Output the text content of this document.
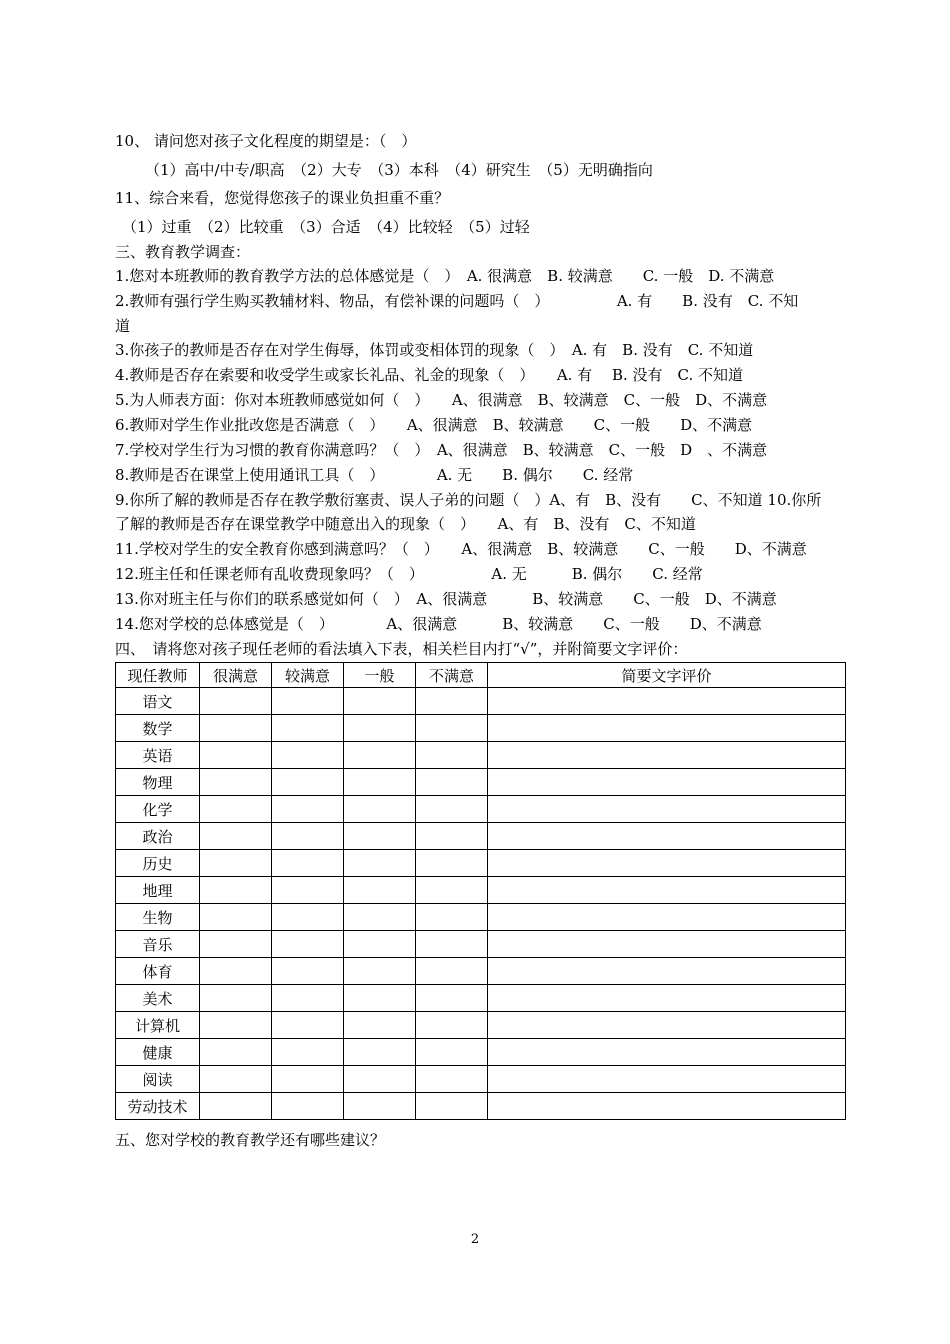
10、 请问您对孩子文化程度的期望是：（　）
（1）高中/中专/职高　（2）大专　（3）本科　（4）研究生　（5）无明确指向
11、综合来看，您觉得您孩子的课业负担重不重？
（1）过重　（2）比较重　（3）合适　（4）比较轻　（5）过轻
三、教育教学调查：
1.您对本班教师的教育教学方法的总体感觉是（　）　A. 很满意　B. 较满意　　C. 一般　D. 不满意
2.教师有强行学生购买教辅材料、物品，有偿补课的问题吗（　）　　　　　A. 有　　B. 没有　C. 不知
道
3.你孩子的教师是否存在对学生侮辱，体罚或变相体罚的现象（　）　A. 有　B. 没有　C. 不知道
4.教师是否存在索要和收受学生或家长礼品、礼金的现象（　）　　A. 有　 B. 没有　C. 不知道
5.为人师表方面：你对本班教师感觉如何（　）　　A、很满意　B、较满意　C、一般　D、不满意
6.教师对学生作业批改您是否满意（　）　　A、很满意　B、较满意　　C、一般　　D、不满意
7.学校对学生行为习惯的教育你满意吗？（　）　A、很满意　B、较满意　C、一般　D　、不满意
8.教师是否在课堂上使用通讯工具（　）　　　　A. 无　　B. 偶尔　　C. 经常
9.你所了解的教师是否存在教学敷衍塞责、误人子弟的问题（　）A、有　B、没有　　C、不知道 10.你所
了解的教师是否存在课堂教学中随意出入的现象（　）　　A、有　B、没有　C、不知道
11.学校对学生的安全教育你感到满意吗？（　）　　A、很满意　B、较满意　　C、一般　　D、不满意
12.班主任和任课老师有乱收费现象吗？（　）　　　　　A. 无　　　B. 偶尔　　C. 经常
13.你对班主任与你们的联系感觉如何（　）　A、很满意　　　B、较满意　　C、一般　D、不满意
14.您对学校的总体感觉是（　）　　　　A、很满意　　　B、较满意　　C、一般　　D、不满意
四、　请将您对孩子现任老师的看法填入下表，相关栏目内打“√”，并附简要文字评价：
现任教师	很满意	较满意	一般	不满意	简要文字评价
语文					
数学					
英语					
物理					
化学					
政治					
历史					
地理					
生物					
音乐					
体育					
美术					
计算机					
健康					
阅读					
劳动技术					
五、您对学校的教育教学还有哪些建议？
2
